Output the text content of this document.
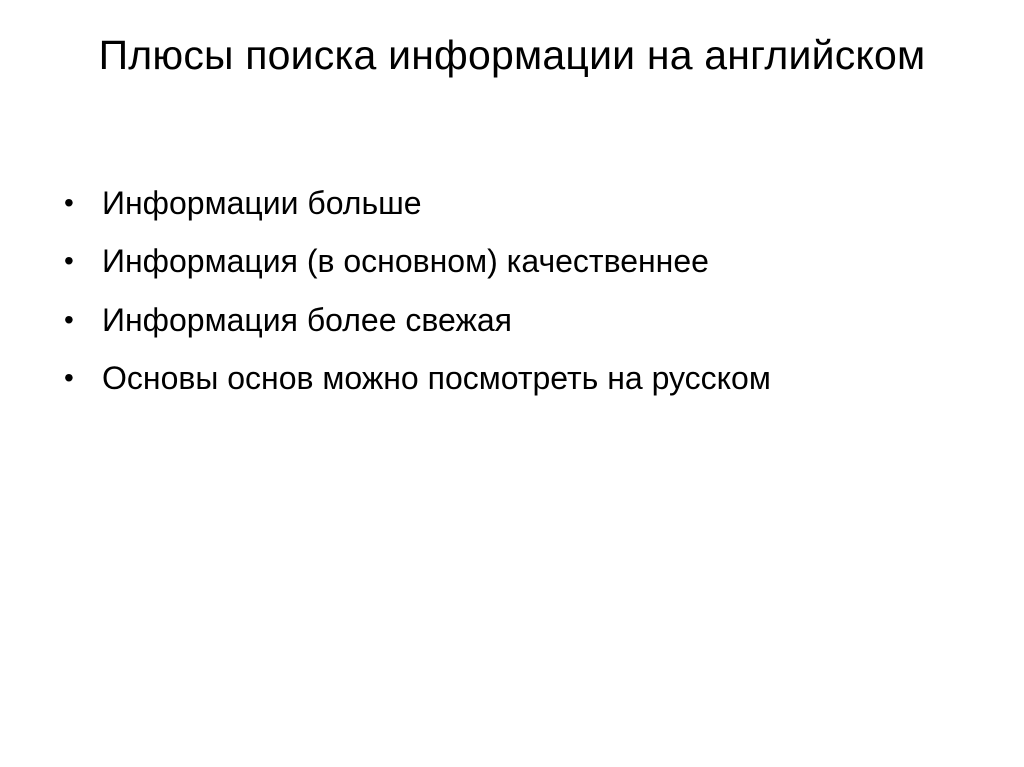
Плюсы поиска информации на английском
• Информации больше
• Информация (в основном) качественнее
• Информация более свежая
• Основы основ можно посмотреть на русском
